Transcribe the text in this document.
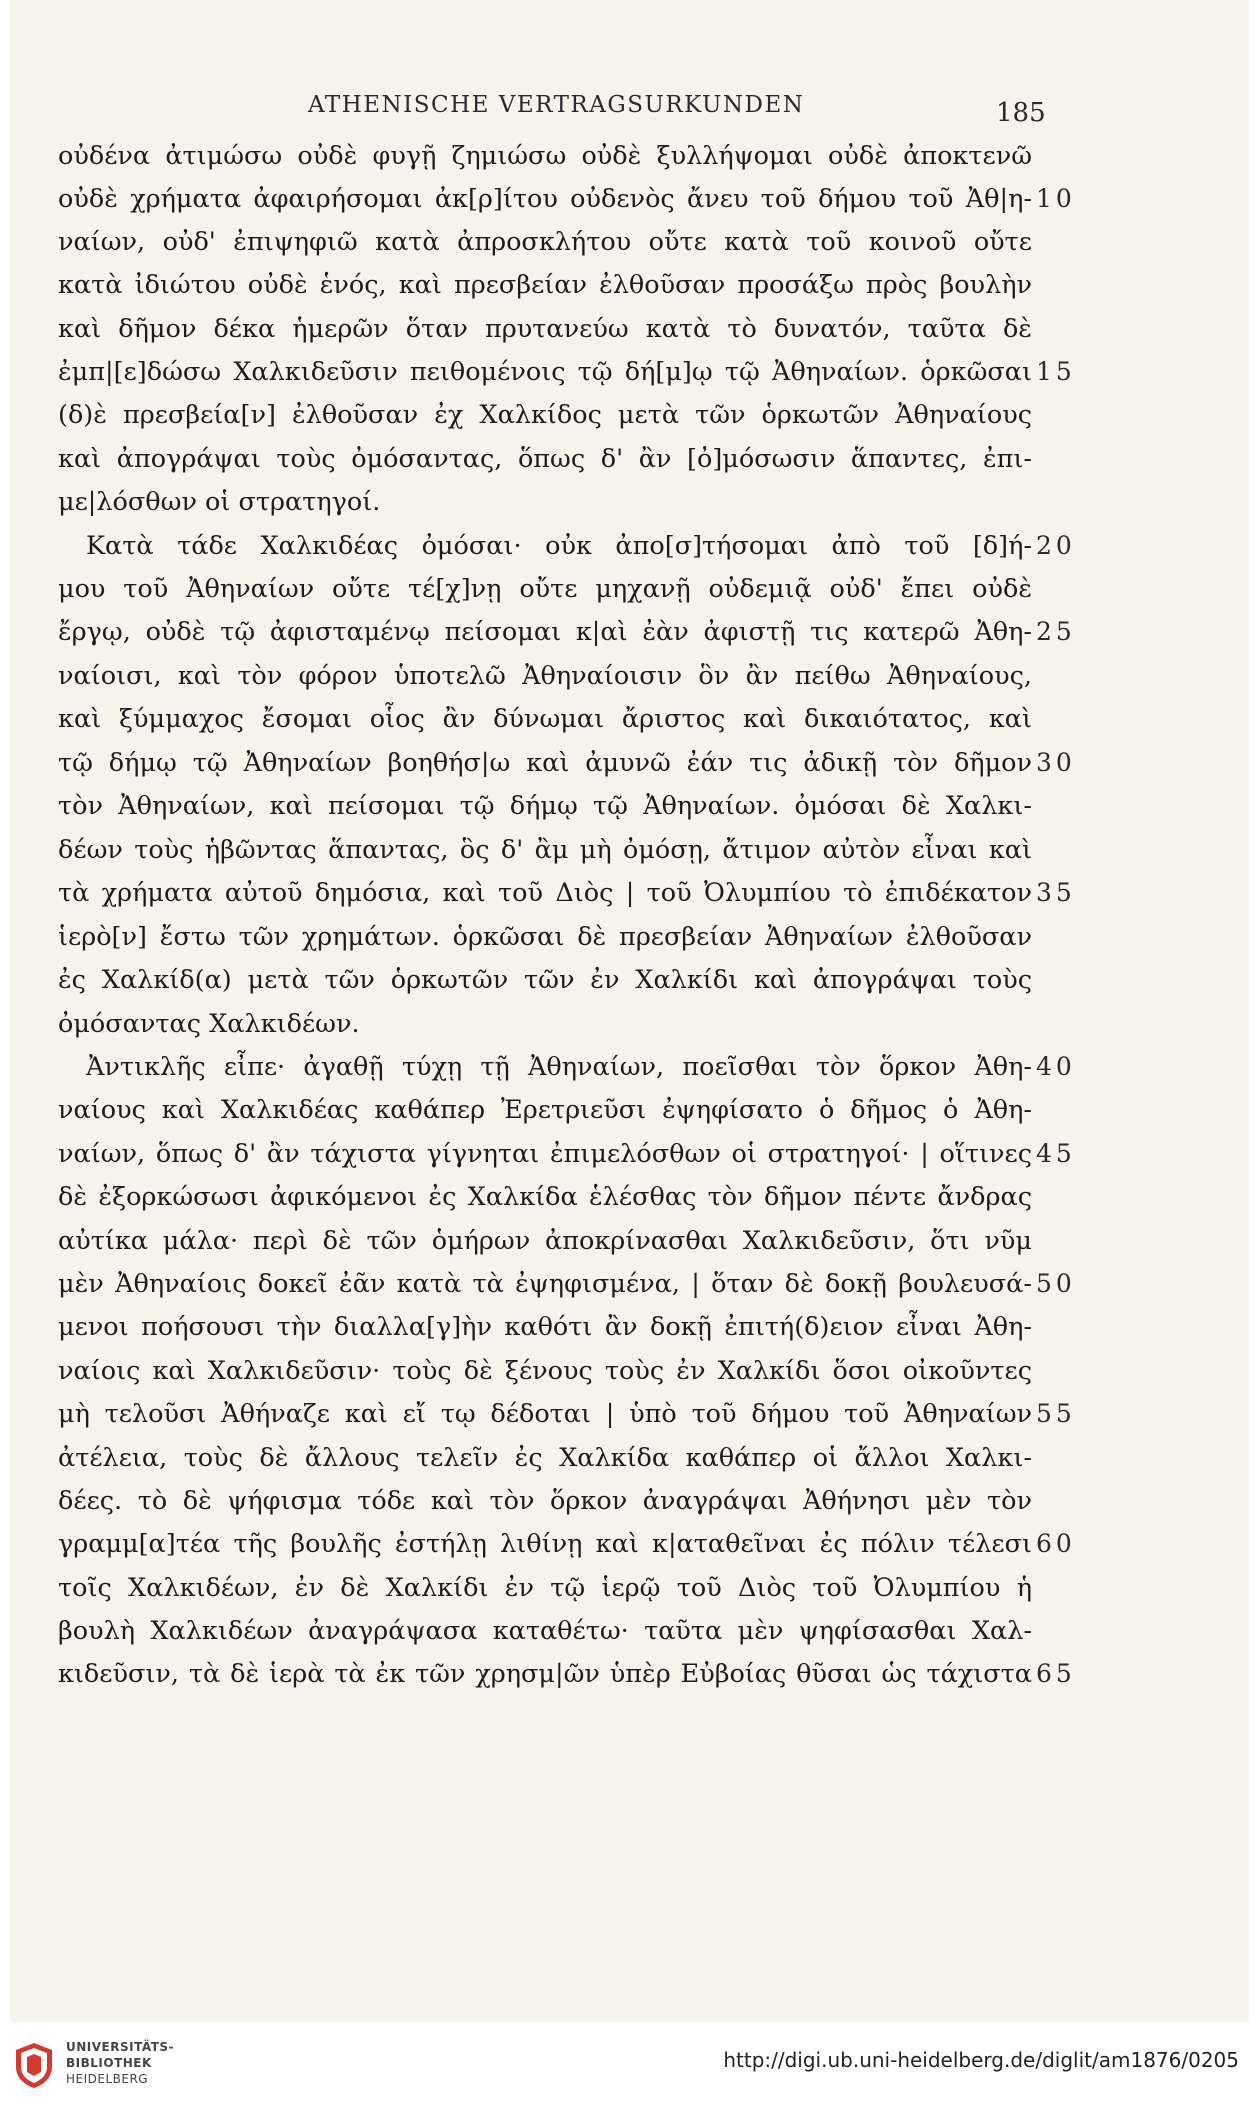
ATHENISCHE VERTRAGSURKUNDEN	185
οὐδένα ἀτιμώσω οὐδὲ φυγῇ ζημιώσω οὐδὲ ξυλλήψομαι οὐδὲ ἀποκτενῶ
οὐδὲ χρήματα ἀφαιρήσομαι ἀκ[ρ]ίτου οὐδενὸς ἄνευ τοῦ δήμου τοῦ Ἀθ|η-
ναίων, οὐδ' ἐπιψηφιῶ κατὰ ἀπροσκλήτου οὔτε κατὰ τοῦ κοινοῦ οὔτε
κατὰ ἰδιώτου οὐδὲ ἑνός, καὶ πρεσβείαν ἐλθοῦσαν προσάξω πρὸς βουλὴν
καὶ δῆμον δέκα ἡμερῶν ὅταν πρυτανεύω κατὰ τὸ δυνατόν, ταῦτα δὲ
ἐμπ|[ε]δώσω Χαλκιδεῦσιν πειθομένοις τῷ δή[μ]ῳ τῷ Ἀθηναίων. ὁρκῶσαι
(δ)ὲ πρεσβεία[ν] ἐλθοῦσαν ἐχ Χαλκίδος μετὰ τῶν ὁρκωτῶν Ἀθηναίους
καὶ ἀπογράψαι τοὺς ὀμόσαντας, ὅπως δ' ἂν [ὀ]μόσωσιν ἅπαντες, ἐπι-
με|λόσθων οἱ στρατηγοί.
Κατὰ τάδε Χαλκιδέας ὀμόσαι· οὐκ ἀπο[σ]τήσομαι ἀπὸ τοῦ [δ]ή-
μου τοῦ Ἀθηναίων οὔτε τέ[χ]νῃ οὔτε μηχανῇ οὐδεμιᾷ οὐδ' ἔπει οὐδὲ
ἔργῳ, οὐδὲ τῷ ἀφισταμένῳ πείσομαι κ|αὶ ἐὰν ἀφιστῇ τις κατερῶ Ἀθη-
ναίοισι, καὶ τὸν φόρον ὑποτελῶ Ἀθηναίοισιν ὃν ἂν πείθω Ἀθηναίους,
καὶ ξύμμαχος ἔσομαι οἷος ἂν δύνωμαι ἄριστος καὶ δικαιότατος, καὶ
τῷ δήμῳ τῷ Ἀθηναίων βοηθήσ|ω καὶ ἀμυνῶ ἐάν τις ἀδικῇ τὸν δῆμον
τὸν Ἀθηναίων, καὶ πείσομαι τῷ δήμῳ τῷ Ἀθηναίων. ὀμόσαι δὲ Χαλκι-
δέων τοὺς ἡβῶντας ἅπαντας, ὃς δ' ἂμ μὴ ὀμόσῃ, ἄτιμον αὐτὸν εἶναι καὶ
τὰ χρήματα αὐτοῦ δημόσια, καὶ τοῦ Διὸς | τοῦ Ὀλυμπίου τὸ ἐπιδέκατον
ἱερὸ[ν] ἔστω τῶν χρημάτων. ὁρκῶσαι δὲ πρεσβείαν Ἀθηναίων ἐλθοῦσαν
ἐς Χαλκίδ(α) μετὰ τῶν ὁρκωτῶν τῶν ἐν Χαλκίδι καὶ ἀπογράψαι τοὺς
ὀμόσαντας Χαλκιδέων.
Ἀντικλῆς εἶπε· ἀγαθῇ τύχῃ τῇ Ἀθηναίων, ποεῖσθαι τὸν ὅρκον Ἀθη-
ναίους καὶ Χαλκιδέας καθάπερ Ἐρετριεῦσι ἐψηφίσατο ὁ δῆμος ὁ Ἀθη-
ναίων, ὅπως δ' ἂν τάχιστα γίγνηται ἐπιμελόσθων οἱ στρατηγοί· | οἵτινες
δὲ ἐξορκώσωσι ἀφικόμενοι ἐς Χαλκίδα ἑλέσθας τὸν δῆμον πέντε ἄνδρας
αὐτίκα μάλα· περὶ δὲ τῶν ὁμήρων ἀποκρίνασθαι Χαλκιδεῦσιν, ὅτι νῦμ
μὲν Ἀθηναίοις δοκεῖ ἐᾶν κατὰ τὰ ἐψηφισμένα, | ὅταν δὲ δοκῇ βουλευσά-
μενοι ποήσουσι τὴν διαλλα[γ]ὴν καθότι ἂν δοκῇ ἐπιτή(δ)ειον εἶναι Ἀθη-
ναίοις καὶ Χαλκιδεῦσιν· τοὺς δὲ ξένους τοὺς ἐν Χαλκίδι ὅσοι οἰκοῦντες
μὴ τελοῦσι Ἀθήναζε καὶ εἴ τῳ δέδοται | ὑπὸ τοῦ δήμου τοῦ Ἀθηναίων
ἀτέλεια, τοὺς δὲ ἄλλους τελεῖν ἐς Χαλκίδα καθάπερ οἱ ἄλλοι Χαλκι-
δέες. τὸ δὲ ψήφισμα τόδε καὶ τὸν ὅρκον ἀναγράψαι Ἀθήνησι μὲν τὸν
γραμμ[α]τέα τῆς βουλῆς ἐστήλῃ λιθίνῃ καὶ κ|αταθεῖναι ἐς πόλιν τέλεσι
τοῖς Χαλκιδέων, ἐν δὲ Χαλκίδι ἐν τῷ ἱερῷ τοῦ Διὸς τοῦ Ὀλυμπίου ἡ
βουλὴ Χαλκιδέων ἀναγράψασα καταθέτω· ταῦτα μὲν ψηφίσασθαι Χαλ-
κιδεῦσιν, τὰ δὲ ἱερὰ τὰ ἐκ τῶν χρησμ|ῶν ὑπὲρ Εὐβοίας θῦσαι ὡς τάχιστα
10
15
20
25
30
35
40
45
50
55
60
65
UNIVERSITÄTS-
BIBLIOTHEK
HEIDELBERG
http://digi.ub.uni-heidelberg.de/diglit/am1876/0205
